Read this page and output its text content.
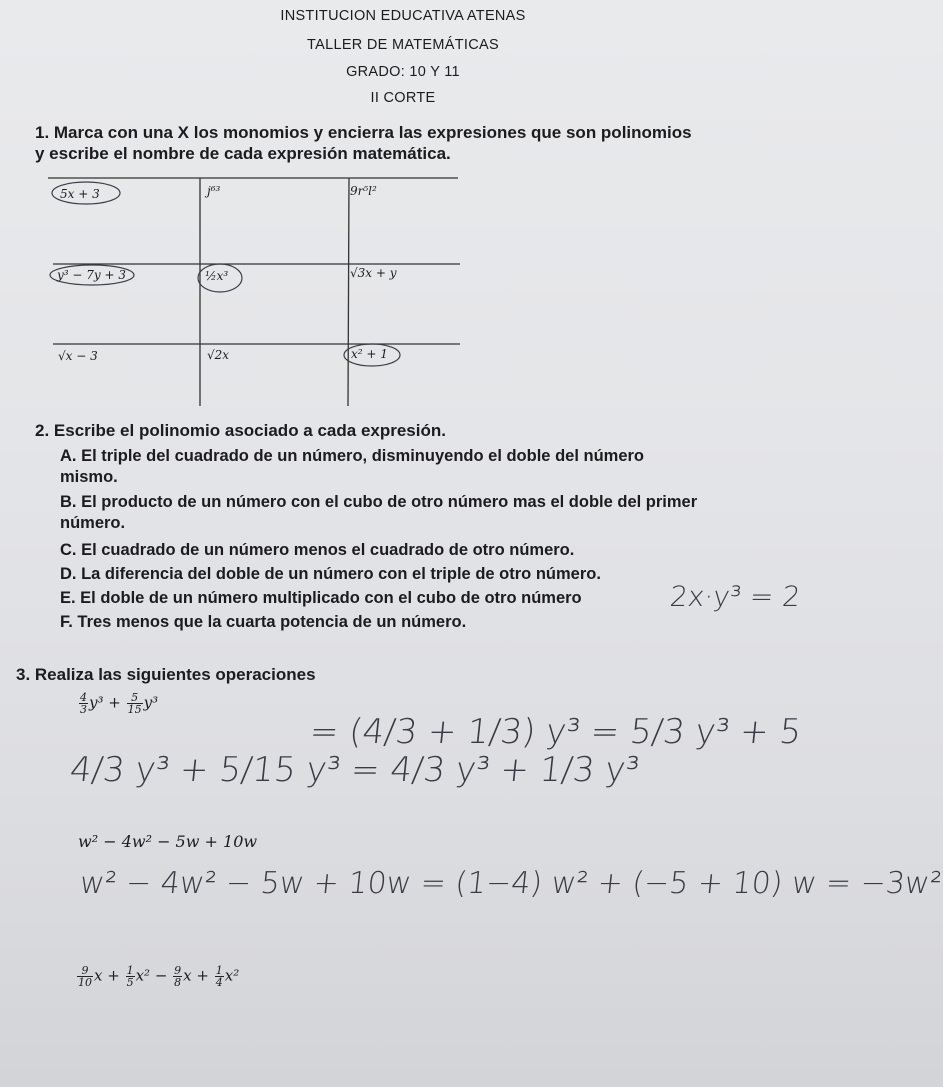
INSTITUCION EDUCATIVA ATENAS
TALLER DE MATEMÁTICAS
GRADO: 10 Y 11
II CORTE
1. Marca con una X los monomios y encierra las expresiones que son polinomios y escribe el nombre de cada expresión matemática.
5x + 3	j⁶³	9r⁵l²
y³ − 7y + 3	½x³	√3x + y
√x − 3	√2x	x² + 1
2. Escribe el polinomio asociado a cada expresión.
A. El triple del cuadrado de un número, disminuyendo el doble del número mismo.
B. El producto de un número con el cubo de otro número mas el doble del primer número.
C. El cuadrado de un número menos el cuadrado de otro número.
D. La diferencia del doble de un número con el triple de otro número.
E. El doble de un número multiplicado con el cubo de otro número	2x·y³ = 2
F. Tres menos que la cuarta potencia de un número.
3. Realiza las siguientes operaciones
$\frac{4}{3} y^3 + \frac{5}{15} y^3$
= (4/3 + 1/3) y³ = 5/3 y³ + 5
4/3 y³ + 5/15 y³ = 4/3 y³ + 1/3 y³
w² − 4w² − 5w + 10w
w² − 4w² − 5w + 10w = (1−4) w² + (−5 + 10) w = −3w²
$\frac{9}{10}$ $x + \frac{1}{5} x^2 - \frac{9}{8}$ $x + \frac{1}{4} x^2$
